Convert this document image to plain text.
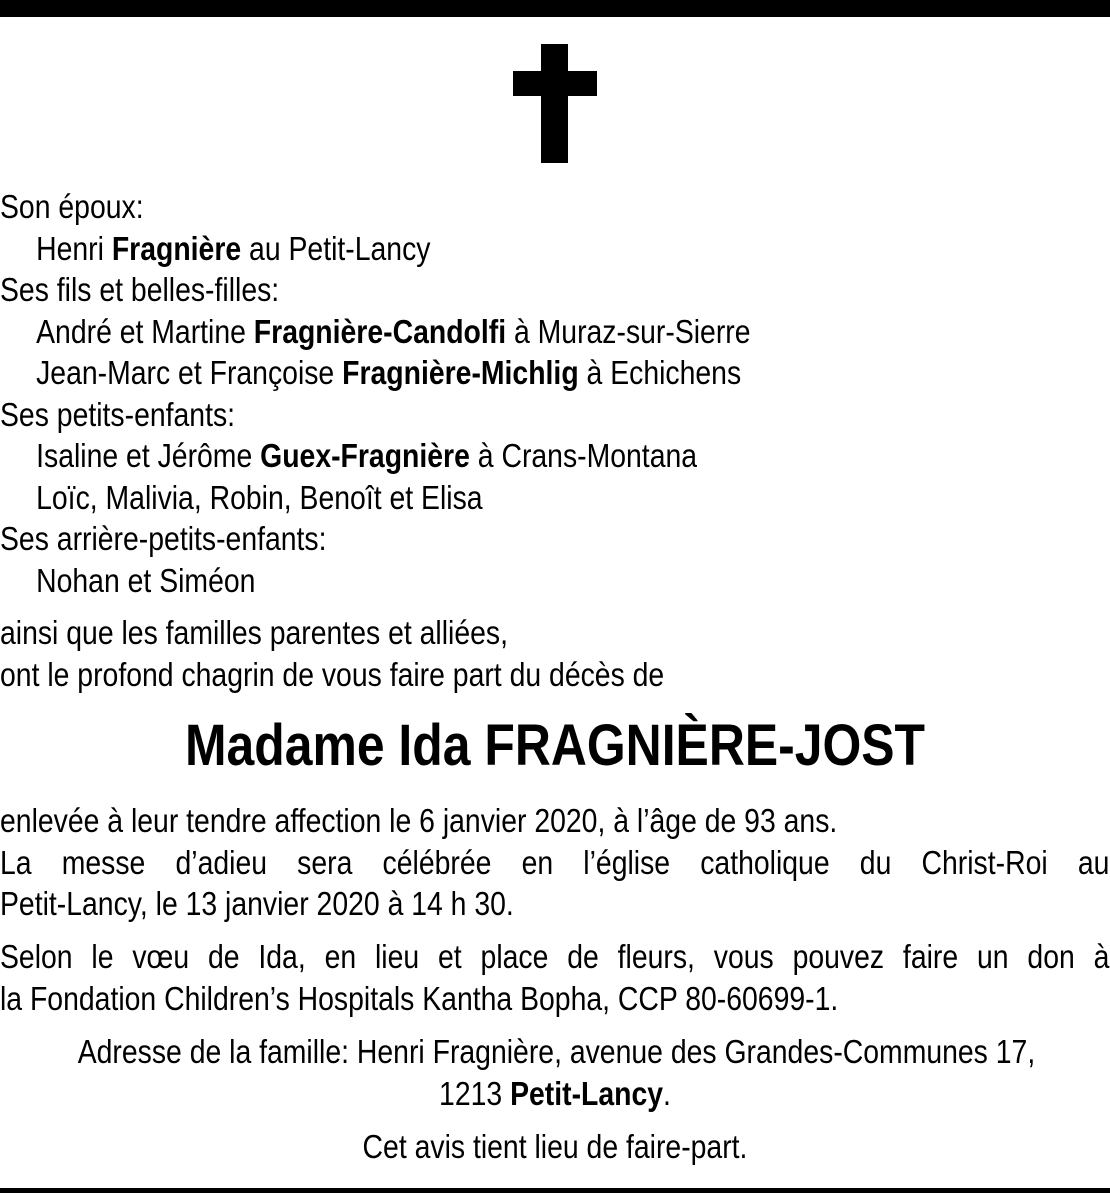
Son époux:
Henri Fragnière au Petit-Lancy
Ses fils et belles-filles:
André et Martine Fragnière-Candolfi à Muraz-sur-Sierre
Jean-Marc et Françoise Fragnière-Michlig à Echichens
Ses petits-enfants:
Isaline et Jérôme Guex-Fragnière à Crans-Montana
Loïc, Malivia, Robin, Benoît et Elisa
Ses arrière-petits-enfants:
Nohan et Siméon
ainsi que les familles parentes et alliées,
ont le profond chagrin de vous faire part du décès de
Madame Ida FRAGNIÈRE-JOST
enlevée à leur tendre affection le 6 janvier 2020, à l’âge de 93 ans.
La messe d’adieu sera célébrée en l’église catholique du Christ-Roi au
Petit-Lancy, le 13 janvier 2020 à 14 h 30.
Selon le vœu de Ida, en lieu et place de fleurs, vous pouvez faire un don à
la Fondation Children’s Hospitals Kantha Bopha, CCP 80-60699-1.
Adresse de la famille: Henri Fragnière, avenue des Grandes-Communes 17,
1213 Petit-Lancy.
Cet avis tient lieu de faire-part.
